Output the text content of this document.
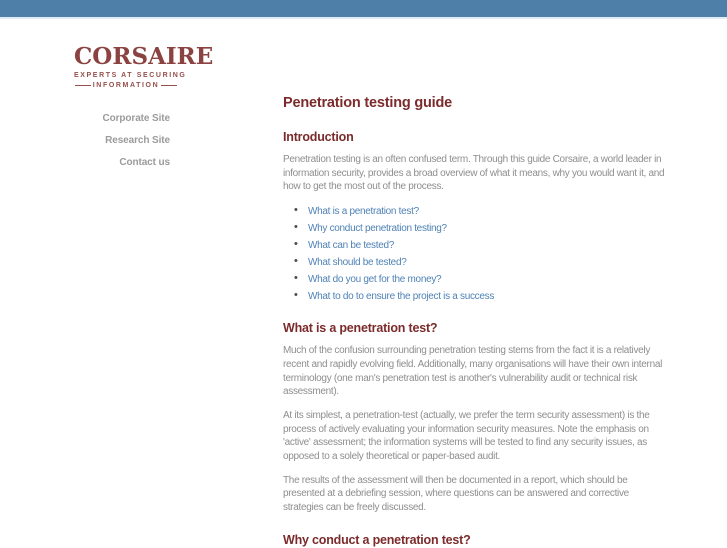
CORSAIRE
EXPERTS AT SECURING
INFORMATION
Corporate Site
Research Site
Contact us
Penetration testing guide
Introduction

Penetration testing is an often confused term. Through this guide Corsaire, a world leader in information security, provides a broad overview of what it means, why you would want it, and how to get the most out of the process.

• What is a penetration test?
• Why conduct penetration testing?
• What can be tested?
• What should be tested?
• What do you get for the money?
• What to do to ensure the project is a success
What is a penetration test?

Much of the confusion surrounding penetration testing stems from the fact it is a relatively recent and rapidly evolving field. Additionally, many organisations will have their own internal terminology (one man's penetration test is another's vulnerability audit or technical risk assessment).

At its simplest, a penetration-test (actually, we prefer the term security assessment) is the process of actively evaluating your information security measures. Note the emphasis on 'active' assessment; the information systems will be tested to find any security issues, as opposed to a solely theoretical or paper-based audit.

The results of the assessment will then be documented in a report, which should be presented at a debriefing session, where questions can be answered and corrective strategies can be freely discussed.

Why conduct a penetration test?
